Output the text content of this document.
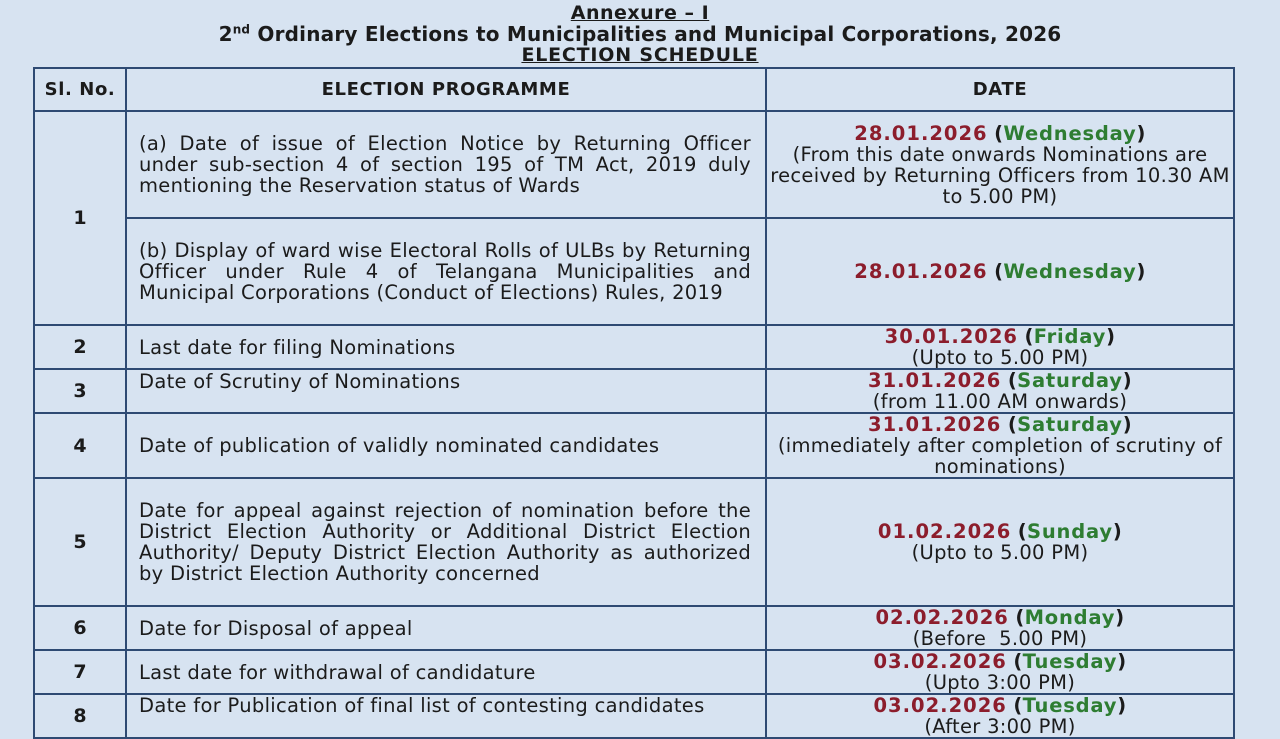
Annexure – I
2nd Ordinary Elections to Municipalities and Municipal Corporations, 2026
ELECTION SCHEDULE
Sl. No.	ELECTION PROGRAMME	DATE
1	(a) Date of issue of Election Notice by Returning Officer under sub-section 4 of section 195 of TM Act, 2019 duly mentioning the Reservation status of Wards	28.01.2026 (Wednesday)
(From this date onwards Nominations are received by Returning Officers from 10.30 AM to 5.00 PM)

	(b) Display of ward wise Electoral Rolls of ULBs by Returning Officer under Rule 4 of Telangana Municipalities and Municipal Corporations (Conduct of Elections) Rules, 2019	28.01.2026 (Wednesday)
2	Last date for filing Nominations	30.01.2026 (Friday)
(Upto to 5.00 PM)

3	Date of Scrutiny of Nominations	31.01.2026 (Saturday)
(from 11.00 AM onwards)

4	Date of publication of validly nominated candidates	31.01.2026 (Saturday)
(immediately after completion of scrutiny of nominations)

5	Date for appeal against rejection of nomination before the District Election Authority or Additional District Election Authority/ Deputy District Election Authority as authorized by District Election Authority concerned	01.02.2026 (Sunday)
(Upto to 5.00 PM)

6	Date for Disposal of appeal	02.02.2026 (Monday)
(Before  5.00 PM)

7	Last date for withdrawal of candidature	03.02.2026 (Tuesday)
(Upto 3:00 PM)

8	Date for Publication of final list of contesting candidates	03.02.2026 (Tuesday)
(After 3:00 PM)
